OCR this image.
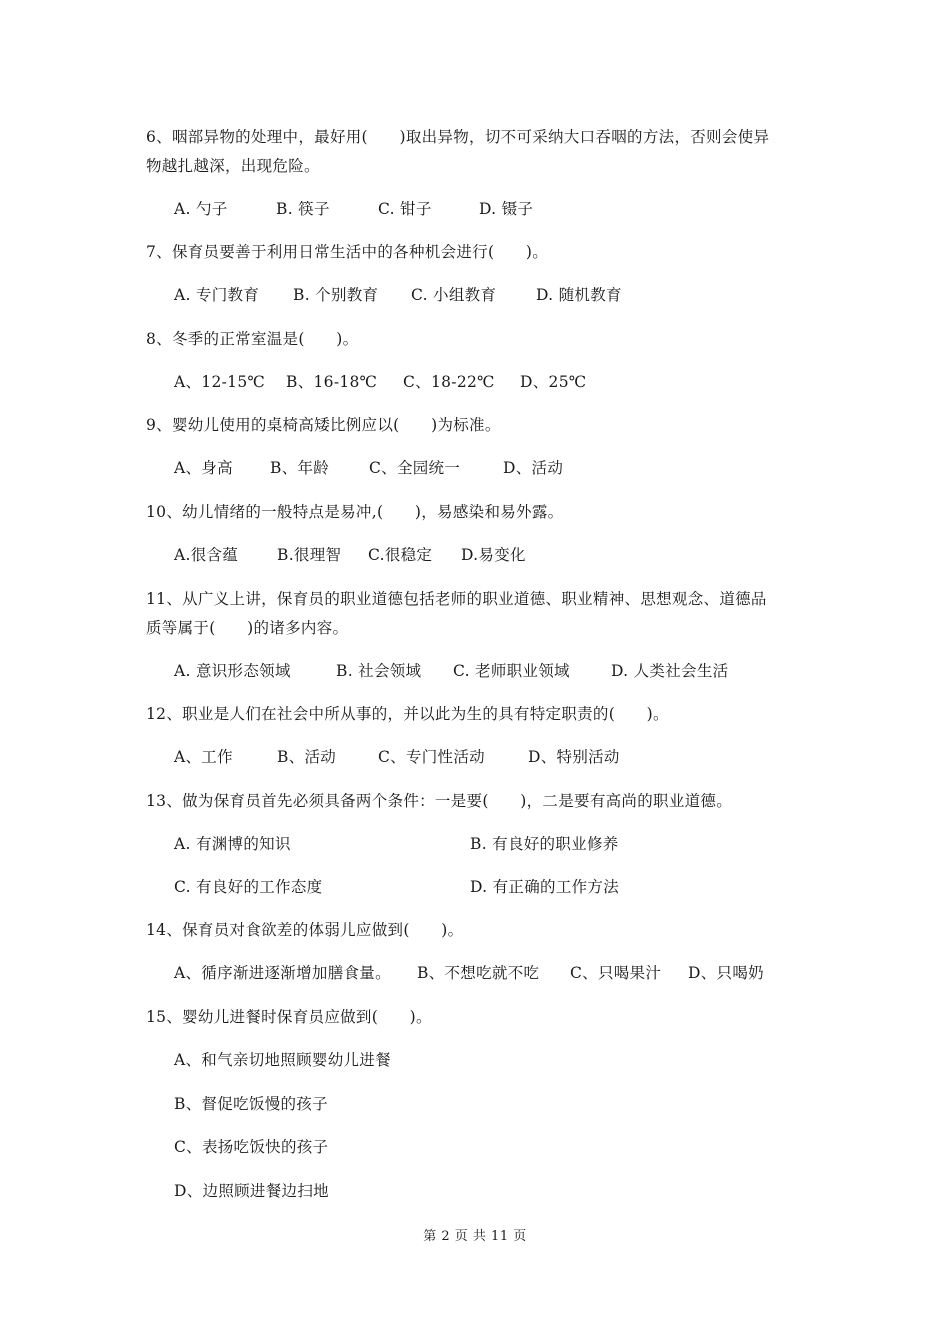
6、咽部异物的处理中，最好用(　　)取出异物，切不可采纳大口吞咽的方法，否则会使异
物越扎越深，出现危险。
A. 勺子	B. 筷子	C. 钳子	D. 镊子
7、保育员要善于利用日常生活中的各种机会进行(　　)。
A. 专门教育 B. 个别教育 C. 小组教育	D. 随机教育
8、冬季的正常室温是(　　)。
A、12-15℃ B、16-18℃ C、18-22℃ D、25℃
9、婴幼儿使用的桌椅高矮比例应以(　　)为标准。
A、身高 B、年龄	C、全园统一	D、活动
10、幼儿情绪的一般特点是易冲,(　　)，易感染和易外露。
A.很含蕴	B.很理智 C.很稳定 D.易变化
11、从广义上讲，保育员的职业道德包括老师的职业道德、职业精神、思想观念、道德品
质等属于(　　)的诸多内容。
A. 意识形态领域	B. 社会领域 C. 老师职业领域	D. 人类社会生活
12、职业是人们在社会中所从事的，并以此为生的具有特定职责的(　　)。
A、工作	B、活动	C、专门性活动	D、特别活动
13、做为保育员首先必须具备两个条件：一是要(　　)，二是要有高尚的职业道德。
A. 有渊博的知识	B. 有良好的职业修养
C. 有良好的工作态度	D. 有正确的工作方法
14、保育员对食欲差的体弱儿应做到(　　)。
A、循序渐进逐渐增加膳食量。 B、不想吃就不吃 C、只喝果汁 D、只喝奶
15、婴幼儿进餐时保育员应做到(　　)。
A、和气亲切地照顾婴幼儿进餐
B、督促吃饭慢的孩子
C、表扬吃饭快的孩子
D、边照顾进餐边扫地
第 2 页 共 11 页
